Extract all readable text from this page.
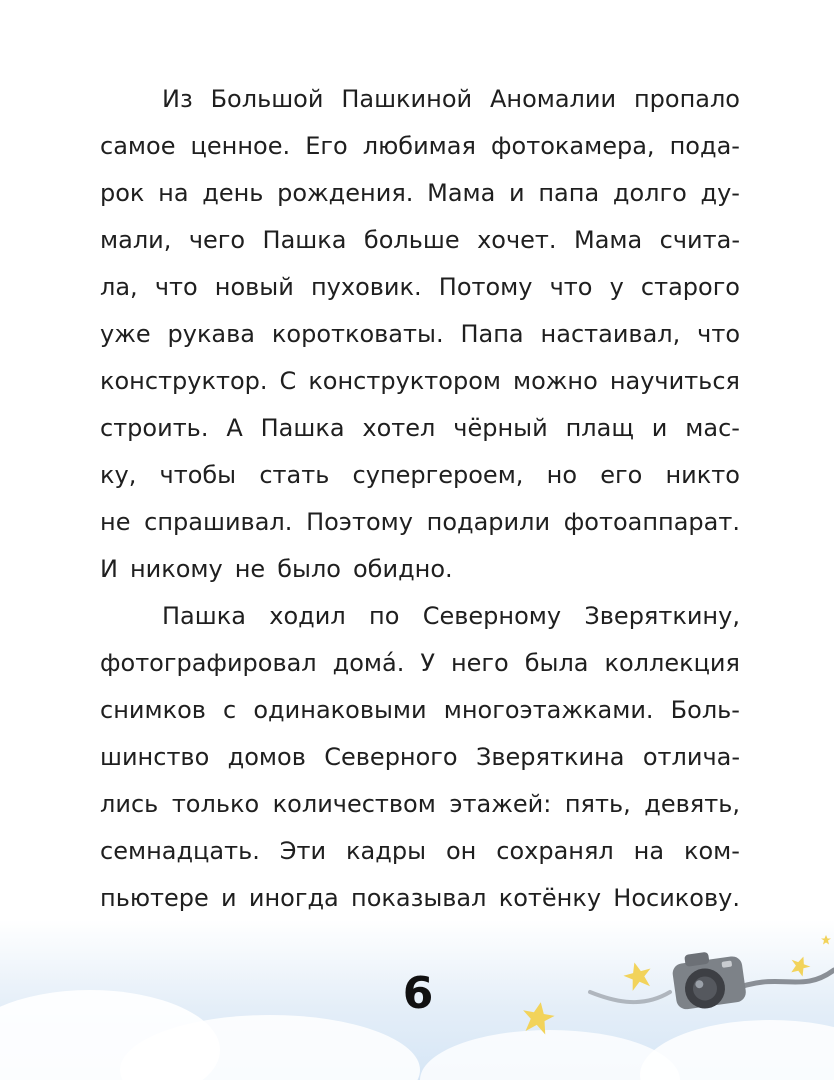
Из Большой Пашкиной Аномалии пропало
самое ценное. Его любимая фотокамера, пода-
рок на день рождения. Мама и папа долго ду-
мали, чего Пашка больше хочет. Мама счита-
ла, что новый пуховик. Потому что у старого
уже рукава коротковаты. Папа настаивал, что
конструктор. С конструктором можно научиться
строить. А Пашка хотел чёрный плащ и мас-
ку, чтобы стать супергероем, но его никто
не спрашивал. Поэтому подарили фотоаппарат.
И никому не было обидно.
Пашка ходил по Северному Зверяткину,
фотографировал дома́. У него была коллекция
снимков с одинаковыми многоэтажками. Боль-
шинство домов Северного Зверяткина отлича-
лись только количеством этажей: пять, девять,
семнадцать. Эти кадры он сохранял на ком-
пьютере и иногда показывал котёнку Носикову.
6
